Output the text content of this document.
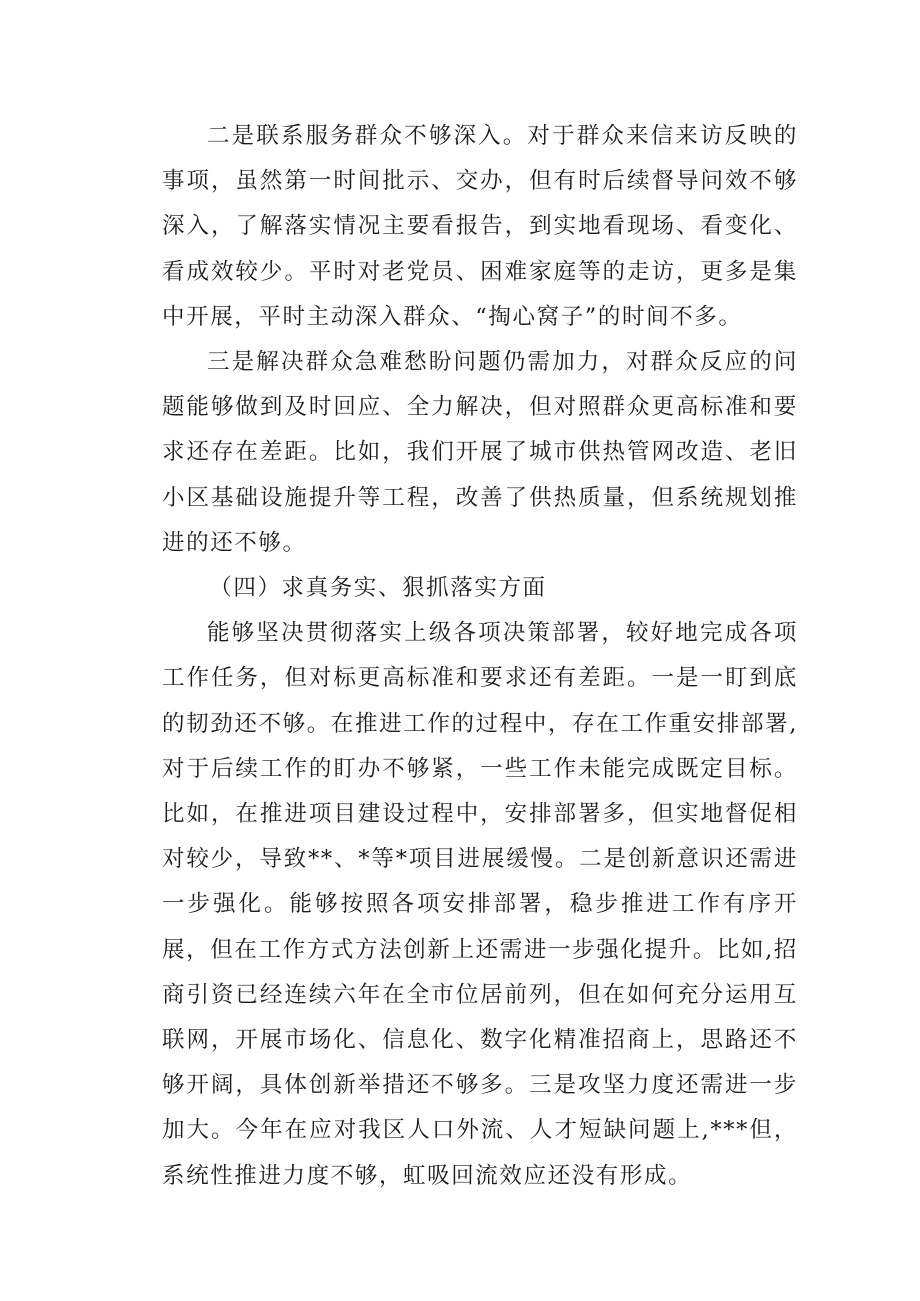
二是联系服务群众不够深入。对于群众来信来访反映的事项，虽然第一时间批示、交办，但有时后续督导问效不够深入，了解落实情况主要看报告，到实地看现场、看变化、看成效较少。平时对老党员、困难家庭等的走访，更多是集中开展，平时主动深入群众、“掏心窝子”的时间不多。

三是解决群众急难愁盼问题仍需加力，对群众反应的问题能够做到及时回应、全力解决，但对照群众更高标准和要求还存在差距。比如，我们开展了城市供热管网改造、老旧小区基础设施提升等工程，改善了供热质量，但系统规划推进的还不够。

（四）求真务实、狠抓落实方面

能够坚决贯彻落实上级各项决策部署，较好地完成各项工作任务，但对标更高标准和要求还有差距。一是一盯到底的韧劲还不够。在推进工作的过程中，存在工作重安排部署,对于后续工作的盯办不够紧，一些工作未能完成既定目标。比如，在推进项目建设过程中，安排部署多，但实地督促相对较少，导致**、*等*项目进展缓慢。二是创新意识还需进一步强化。能够按照各项安排部署，稳步推进工作有序开展，但在工作方式方法创新上还需进一步强化提升。比如,招商引资已经连续六年在全市位居前列，但在如何充分运用互联网，开展市场化、信息化、数字化精准招商上，思路还不够开阔，具体创新举措还不够多。三是攻坚力度还需进一步加大。今年在应对我区人口外流、人才短缺问题上,***但，系统性推进力度不够，虹吸回流效应还没有形成。
